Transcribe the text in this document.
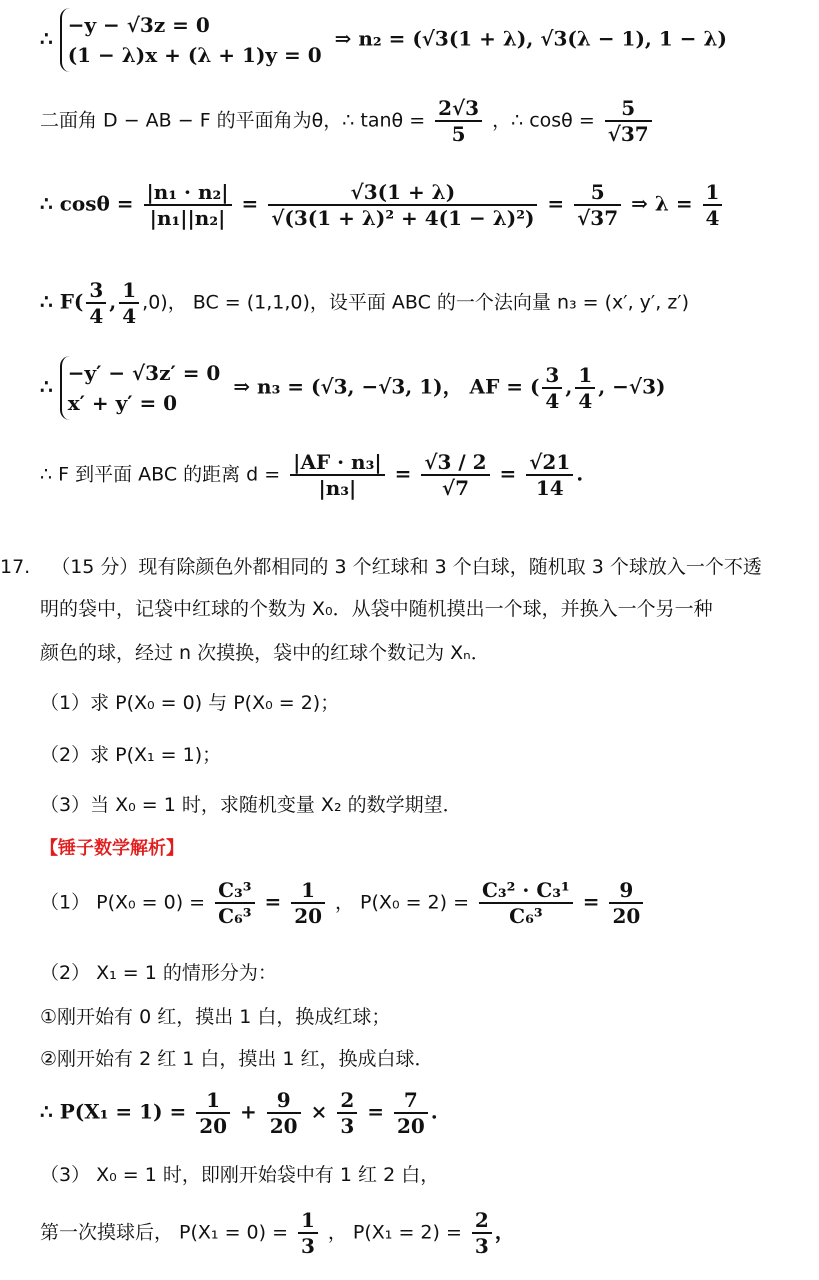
∴ −y − √3z = 0
(1 − λ)x + (λ + 1)y = 0 ⇒ n₂ = (√3(1 + λ), √3(λ − 1), 1 − λ)
二面角 D − AB − F 的平面角为θ，∴ $\tan\theta = \frac{2√3}{5}$ ，∴ $\cos\theta = \frac{5}{√37}$
∴ $\cos\theta = \frac{\text{|n₁ · n₂|}}{\text{|n₁||n₂|}} = \frac{√3(1 + \lambda)}{\text{√(3(1 + λ)² + 4(1 − λ)²)}} = \frac{5}{√37}$ ⇒ $\lambda = \frac{1}{4}$
∴ $F( \frac{3}{4}$ , $\frac{1}{4} ,0$)， BC = (1,1,0)，设平面 ABC 的一个法向量 n₃ = (x′, y′, z′)
∴ −y′ − √3z′ = 0
x′ + y′ = 0 ⇒ n₃ = (√3, −√3, 1)， AF = ( $\frac{3}{4}$ , $\frac{1}{4}$ , −√3)
∴ F 到平面 ABC 的距离 $d = \frac{\text{|AF · n₃|}}{\text{|n₃|}} = \frac{√3 / 2}{√7} = \frac{√21}{14}$ .
17. （15 分）现有除颜色外都相同的 3 个红球和 3 个白球，随机取 3 个球放入一个不透
明的袋中，记袋中红球的个数为 X₀．从袋中随机摸出一个球，并换入一个另一种
颜色的球，经过 n 次摸换，袋中的红球个数记为 Xₙ．
（1）求 P(X₀ = 0) 与 P(X₀ = 2)；
（2）求 P(X₁ = 1)；
（3）当 X₀ = 1 时，求随机变量 X₂ 的数学期望．
【锤子数学解析】
（1） $P(X_0 = 0) = \frac{\text{C₃³}}{\text{C₆³}} = \frac{1}{20}$ ， $P(X_0 = 2) = \frac{\text{C₃² · C₃¹}}{\text{C₆³}} = \frac{9}{20}$
（2） X₁ = 1 的情形分为：
①刚开始有 0 红，摸出 1 白，换成红球；
②刚开始有 2 红 1 白，摸出 1 红，换成白球．
∴ $P(X_1 = 1) = \frac{1}{20} + \frac{9}{20} \times \frac{2}{3} = \frac{7}{20}$ .
（3） X₀ = 1 时，即刚开始袋中有 1 红 2 白，
第一次摸球后， $P(X_1 = 0) = \frac{1}{3}$ ， $P(X_1 = 2) = \frac{2}{3}$ ，
